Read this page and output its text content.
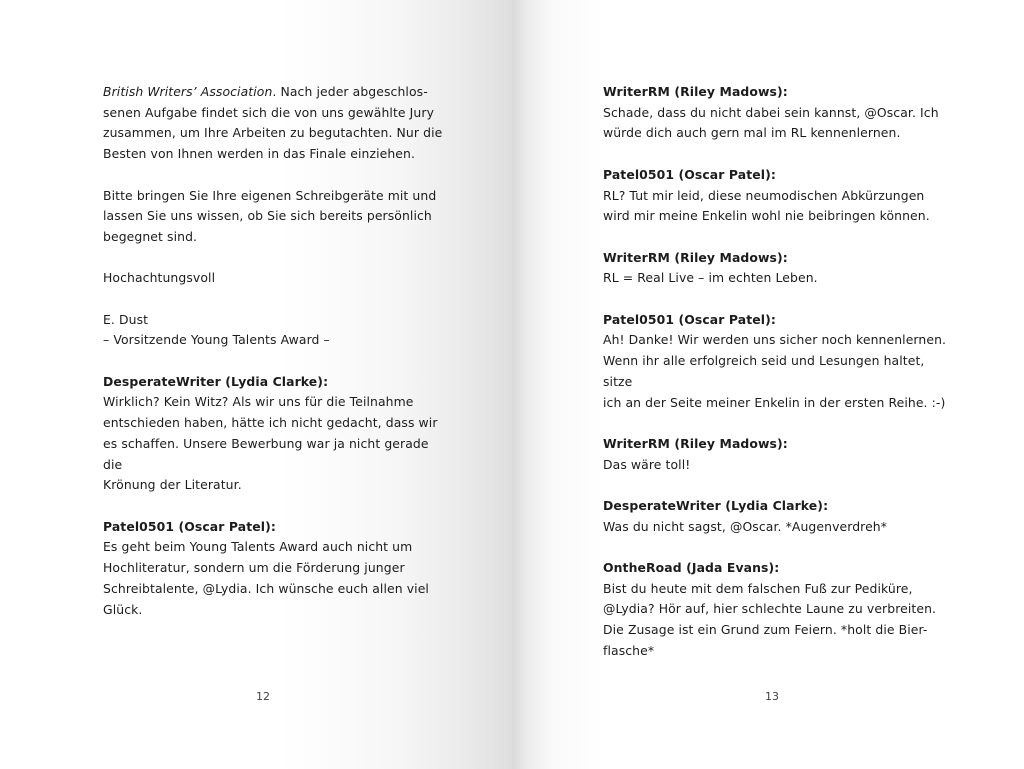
British Writers’ Association. Nach jeder abgeschlos-

senen Aufgabe findet sich die von uns gewählte Jury

zusammen, um Ihre Arbeiten zu begutachten. Nur die

Besten von Ihnen werden in das Finale einziehen.

Bitte bringen Sie Ihre eigenen Schreibgeräte mit und

lassen Sie uns wissen, ob Sie sich bereits persönlich

begegnet sind.

Hochachtungsvoll

E. Dust

– Vorsitzende Young Talents Award –

DesperateWriter (Lydia Clarke):

Wirklich? Kein Witz? Als wir uns für die Teilnahme

entschieden haben, hätte ich nicht gedacht, dass wir

es schaffen. Unsere Bewerbung war ja nicht gerade die

Krönung der Literatur.

Patel0501 (Oscar Patel):

Es geht beim Young Talents Award auch nicht um

Hochliteratur, sondern um die Förderung junger

Schreibtalente, @Lydia. Ich wünsche euch allen viel

Glück.

12

WriterRM (Riley Madows):

Schade, dass du nicht dabei sein kannst, @Oscar. Ich

würde dich auch gern mal im RL kennenlernen.

Patel0501 (Oscar Patel):

RL? Tut mir leid, diese neumodischen Abkürzungen

wird mir meine Enkelin wohl nie beibringen können.

WriterRM (Riley Madows):

RL = Real Live – im echten Leben.

Patel0501 (Oscar Patel):

Ah! Danke! Wir werden uns sicher noch kennenlernen.

Wenn ihr alle erfolgreich seid und Lesungen haltet, sitze

ich an der Seite meiner Enkelin in der ersten Reihe. :-)

WriterRM (Riley Madows):

Das wäre toll!

DesperateWriter (Lydia Clarke):

Was du nicht sagst, @Oscar. *Augenverdreh*

OntheRoad (Jada Evans):

Bist du heute mit dem falschen Fuß zur Pediküre,

@Lydia? Hör auf, hier schlechte Laune zu verbreiten.

Die Zusage ist ein Grund zum Feiern. *holt die Bier-

flasche*

13
